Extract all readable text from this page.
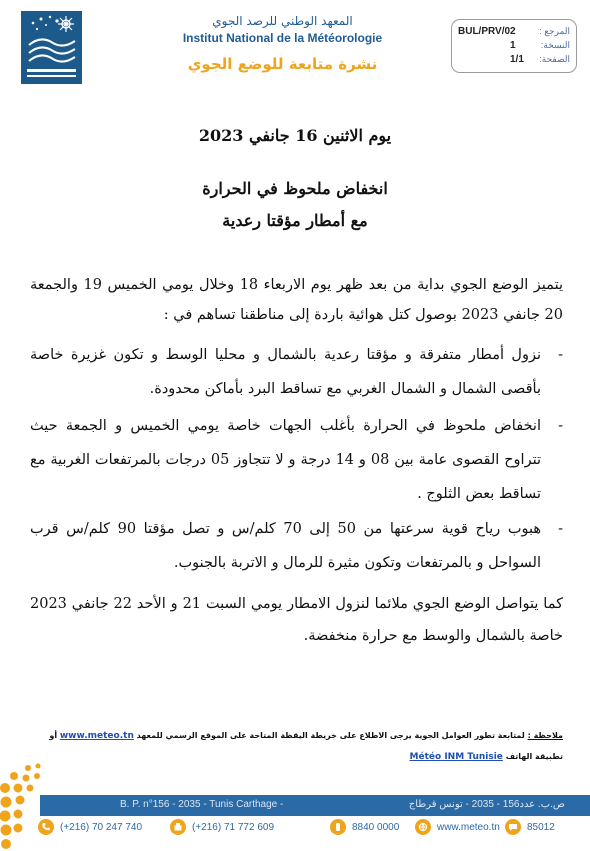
المعهد الوطني للرصد الجوي
Institut National de la Météorologie
نشرة متابعة للوضع الجوي
BUL/PRV/02	المرجع :
1	النسخة:
1/1 الصفحة:
يوم الاثنين 16 جانفي 2023
انخفاض ملحوظ في الحرارة
مع أمطار مؤقتا رعدية
يتميز الوضع الجوي بداية من بعد ظهر يوم الاربعاء 18 وخلال يومي الخميس 19 والجمعة 20 جانفي 2023 بوصول كتل هوائية باردة إلى مناطقنا تساهم في :
-
نزول أمطار متفرقة و مؤقتا رعدية بالشمال و محليا الوسط و تكون غزيرة خاصة بأقصى الشمال و الشمال الغربي مع تساقط البرد بأماكن محدودة.
-
انخفاض ملحوظ في الحرارة بأغلب الجهات خاصة يومي الخميس و الجمعة حيث تتراوح القصوى عامة بين 08 و 14 درجة و لا تتجاوز 05 درجات بالمرتفعات الغربية مع تساقط بعض الثلوج .
-
هبوب رياح قوية سرعتها من 50 إلى 70 كلم/س و تصل مؤقتا 90 كلم/س قرب السواحل و بالمرتفعات وتكون مثيرة للرمال و الاتربة بالجنوب.
كما يتواصل الوضع الجوي ملائما لنزول الامطار يومي السبت 21 و الأحد 22 جانفي 2023 خاصة بالشمال والوسط مع حرارة منخفضة.
ملاحظة : لمتابعة تطور العوامل الجوية يرجى الاطلاع على خريطة اليقظة المتاحة على الموقع الرسمي للمعهد www.meteo.tn أو
تطبيقة الهاتف Météo INM Tunisie
B. P. n°156 - 2035 - Tunis Carthage -	ص.ب. عدد156 - 2035 - تونس قرطاج
(+216) 70 247 740	(+216) 71 772 609	8840 0000	www.meteo.tn	85012
